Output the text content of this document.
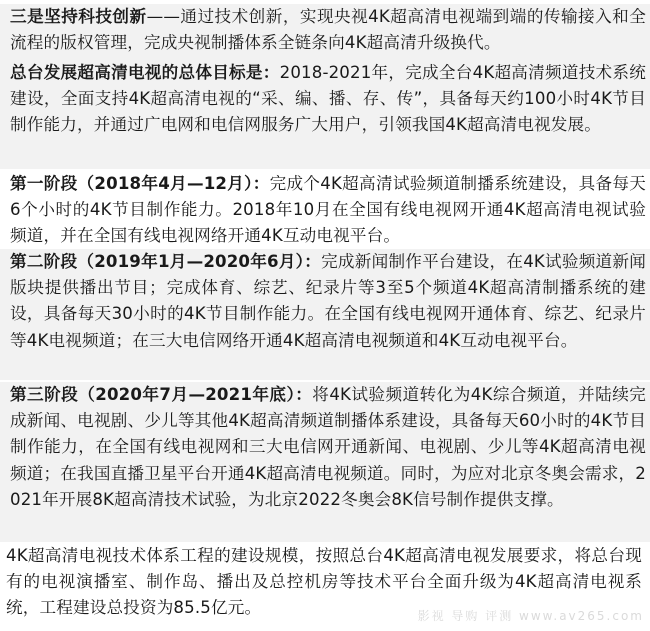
三是坚持科技创新——通过技术创新，实现央视4K超高清电视端到端的传输接入和全流程的版权管理，完成央视制播体系全链条向4K超高清升级换代。
总台发展超高清电视的总体目标是：2018-2021年，完成全台4K超高清频道技术系统建设，全面支持4K超高清电视的“采、编、播、存、传”，具备每天约100小时4K节目制作能力，并通过广电网和电信网服务广大用户，引领我国4K超高清电视发展。
第一阶段（2018年4月—12月）：完成个4K超高清试验频道制播系统建设，具备每天6个小时的4K节目制作能力。2018年10月在全国有线电视网开通4K超高清电视试验频道，并在全国有线电视网络开通4K互动电视平台。
第二阶段（2019年1月—2020年6月）：完成新闻制作平台建设，在4K试验频道新闻版块提供播出节目；完成体育、综艺、纪录片等3至5个频道4K超高清制播系统的建设，具备每天30小时的4K节目制作能力。在全国有线电视网开通体育、综艺、纪录片等4K电视频道；在三大电信网络开通4K超高清电视频道和4K互动电视平台。
第三阶段（2020年7月—2021年底）：将4K试验频道转化为4K综合频道，并陆续完成新闻、电视剧、少儿等其他4K超高清频道制播体系建设，具备每天60小时的4K节目制作能力，在全国有线电视网和三大电信网开通新闻、电视剧、少儿等4K超高清电视频道；在我国直播卫星平台开通4K超高清电视频道。同时，为应对北京冬奥会需求，2021年开展8K超高清技术试验，为北京2022冬奥会8K信号制作提供支撑。
4K超高清电视技术体系工程的建设规模，按照总台4K超高清电视发展要求，将总台现有的电视演播室、制作岛、播出及总控机房等技术平台全面升级为4K超高清电视系统，工程建设总投资为85.5亿元。	影视 导购 评测 www.av265.com
